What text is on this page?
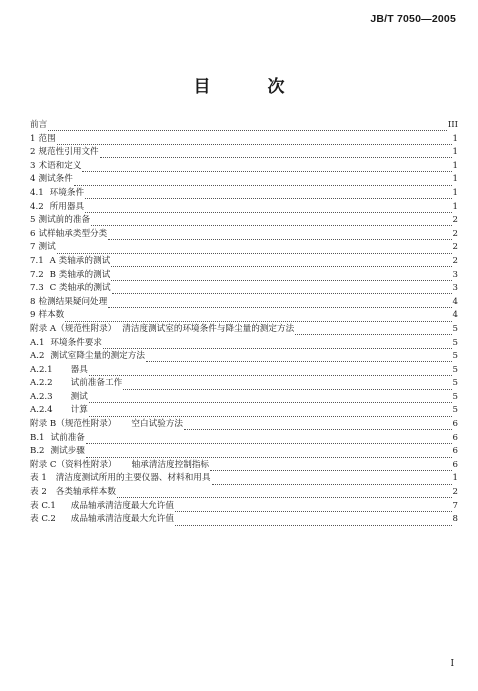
JB/T 7050—2005
目　次
前言	III
1 范围	1
2 规范性引用文件	1
3 术语和定义	1
4 测试条件	1
4.1 环境条件	1
4.2 所用器具	1
5 测试前的准备	2
6 试样轴承类型分类	2
7 测试	2
7.1 A 类轴承的测试	2
7.2 B 类轴承的测试	3
7.3 C 类轴承的测试	3
8 检测结果疑问处理	4
9 样本数	4
附录 A（规范性附录） 清洁度测试室的环境条件与降尘量的测定方法	5
A.1 环境条件要求	5
A.2 测试室降尘量的测定方法	5
A.2.1 器具	5
A.2.2 试前准备工作	5
A.2.3 测试	5
A.2.4 计算	5
附录 B（规范性附录） 空白试验方法	6
B.1 试前准备	6
B.2 测试步骤	6
附录 C（资料性附录） 轴承清洁度控制指标	6
表 1 清洁度测试所用的主要仪器、材料和用具	1
表 2 各类轴承样本数	2
表 C.1 成品轴承清洁度最大允许值	7
表 C.2 成品轴承清洁度最大允许值	8
I
